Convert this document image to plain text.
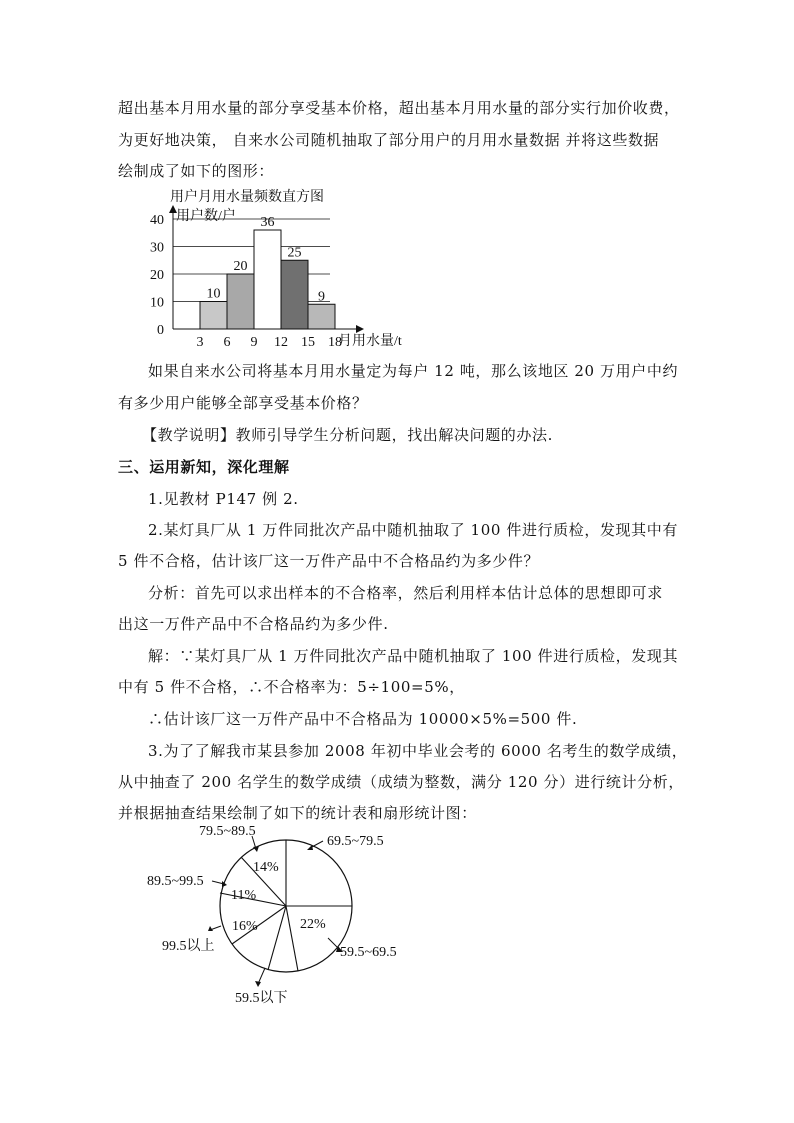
超出基本月用水量的部分享受基本价格，超出基本月用水量的部分实行加价收费，
为更好地决策， 自来水公司随机抽取了部分用户的月用水量数据 并将这些数据
绘制成了如下的图形：
用户月用水量频数直方图
用户数/户
月用水量/t
0
10
20
30
40
3 6 9 12 15 18
10
20
36
25
9
如果自来水公司将基本月用水量定为每户 12 吨，那么该地区 20 万用户中约
有多少用户能够全部享受基本价格？
【教学说明】教师引导学生分析问题，找出解决问题的办法.
三、运用新知，深化理解
1.见教材 P147 例 2.
2.某灯具厂从 1 万件同批次产品中随机抽取了 100 件进行质检，发现其中有
5 件不合格，估计该厂这一万件产品中不合格品约为多少件？
分析：首先可以求出样本的不合格率，然后利用样本估计总体的思想即可求
出这一万件产品中不合格品约为多少件.
解：∵某灯具厂从 1 万件同批次产品中随机抽取了 100 件进行质检，发现其
中有 5 件不合格，∴不合格率为：5÷100=5%，
∴估计该厂这一万件产品中不合格品为 10000×5%=500 件.
3.为了了解我市某县参加 2008 年初中毕业会考的 6000 名考生的数学成绩，
从中抽查了 200 名学生的数学成绩（成绩为整数，满分 120 分）进行统计分析，
并根据抽查结果绘制了如下的统计表和扇形统计图：
79.5~89.5
69.5~79.5
89.5~99.5
99.5以上	59.5~69.5
59.5以下
14%
11%
16%	22%
